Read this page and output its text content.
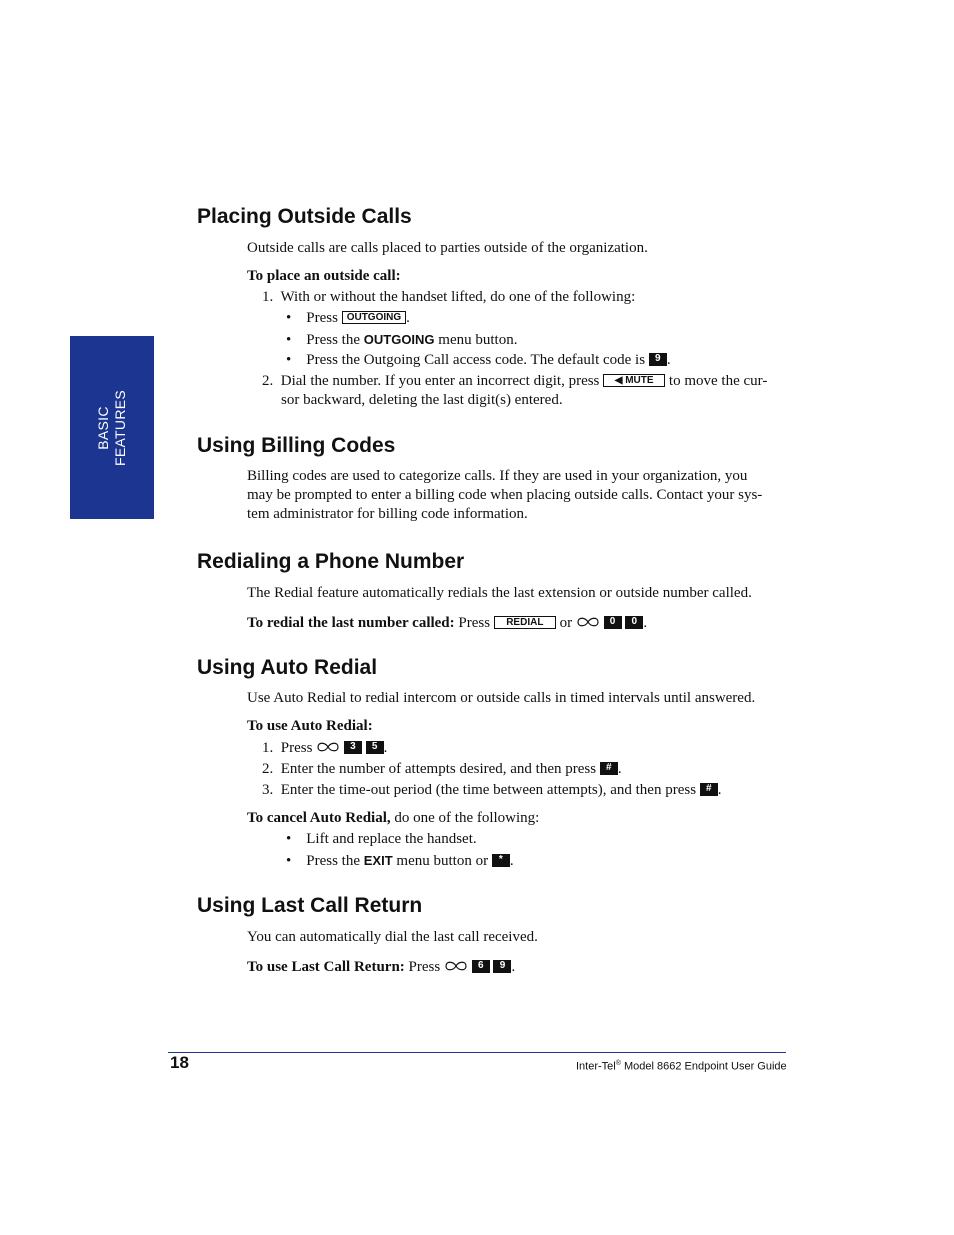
BASIC FEATURES
Placing Outside Calls

Outside calls are calls placed to parties outside of the organization.

To place an outside call:

1. With or without the handset lifted, do one of the following:

• Press OUTGOING .

• Press the OUTGOING menu button.

• Press the Outgoing Call access code. The default code is 9 .

2. Dial the number. If you enter an incorrect digit, press ◀ MUTE to move the cur-

sor backward, deleting the last digit(s) entered.

Using Billing Codes

Billing codes are used to categorize calls. If they are used in your organization, you

may be prompted to enter a billing code when placing outside calls. Contact your sys-

tem administrator for billing code information.

Redialing a Phone Number

The Redial feature automatically redials the last extension or outside number called.

To redial the last number called: Press REDIAL or	0 0 .

Using Auto Redial

Use Auto Redial to redial intercom or outside calls in timed intervals until answered.

To use Auto Redial:

1. Press	3 5 .

2. Enter the number of attempts desired, and then press # .

3. Enter the time-out period (the time between attempts), and then press # .

To cancel Auto Redial, do one of the following:

• Lift and replace the handset.

• Press the EXIT menu button or * .

Using Last Call Return

You can automatically dial the last call received.

To use Last Call Return: Press	6 9 .

18	Inter-Tel® Model 8662 Endpoint User Guide
